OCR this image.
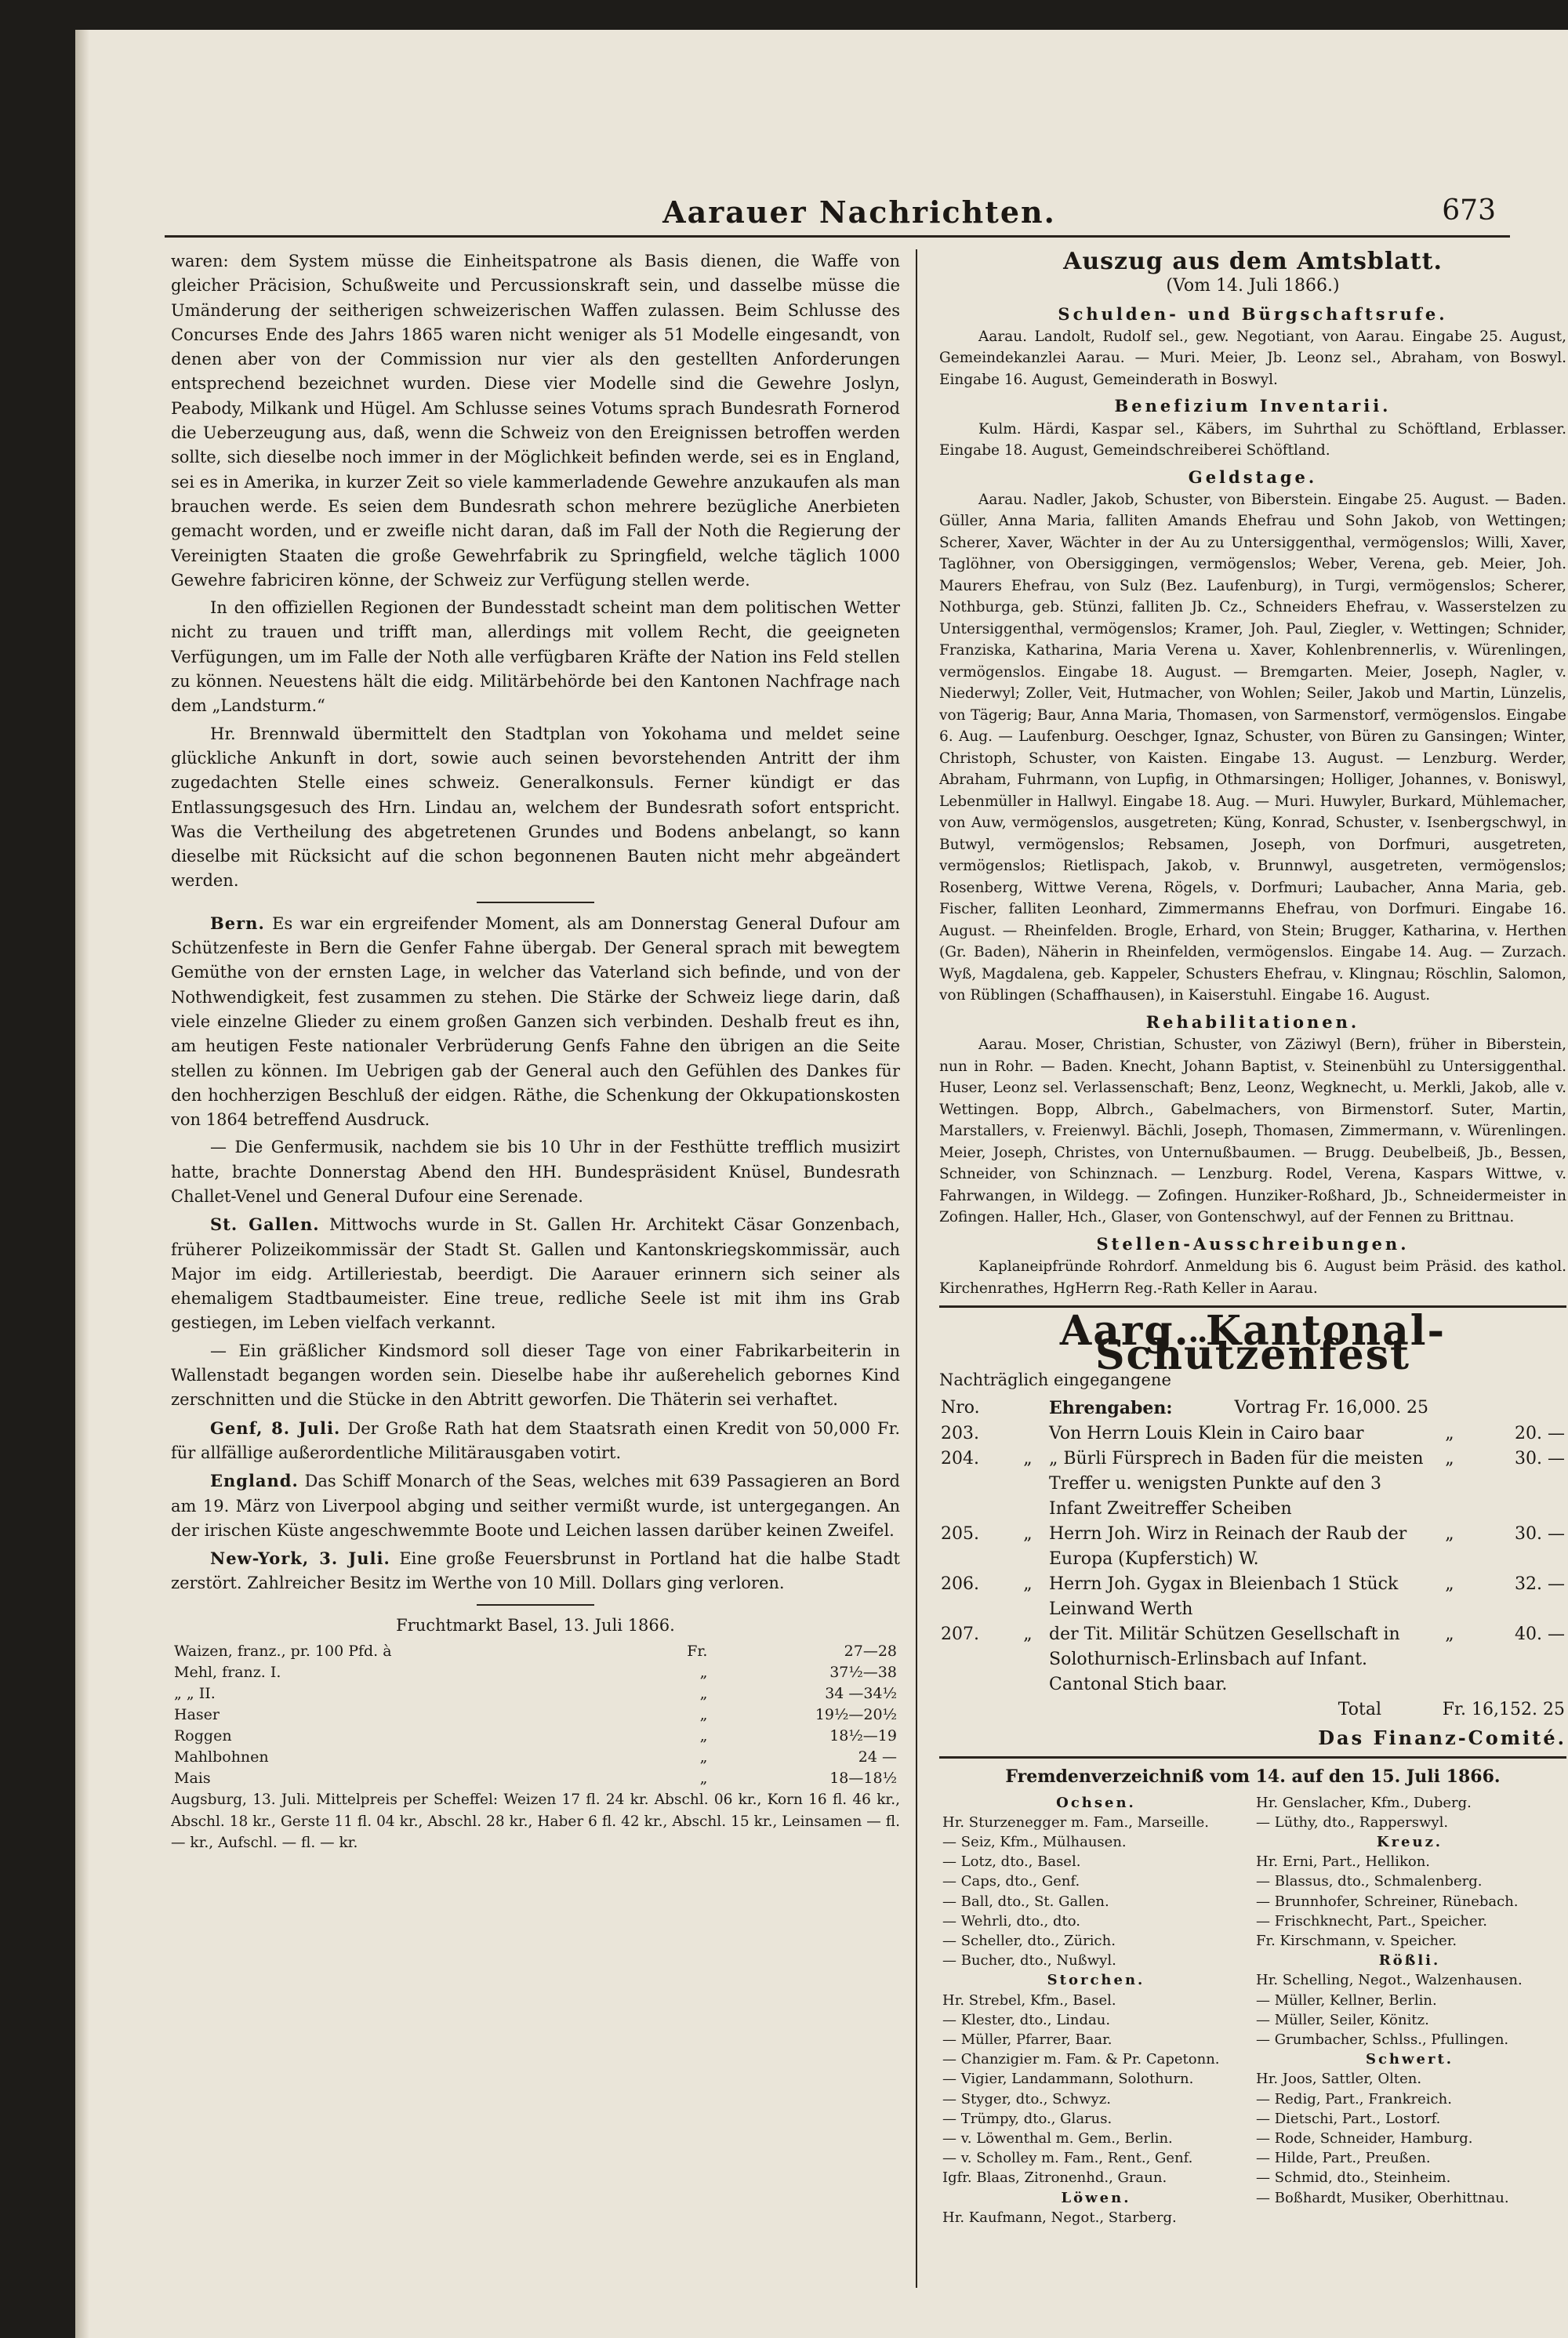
Aarauer Nachrichten.	673

waren: dem System müsse die Einheitspatrone als Basis dienen, die Waffe von gleicher Präcision, Schußweite und Percussionskraft sein, und dasselbe müsse die Umänderung der seitherigen schweizerischen Waffen zulassen. Beim Schlusse des Concurses Ende des Jahrs 1865 waren nicht weniger als 51 Modelle eingesandt, von denen aber von der Commission nur vier als den gestellten Anforderungen entsprechend bezeichnet wurden. Diese vier Modelle sind die Gewehre Joslyn, Peabody, Milkank und Hügel. Am Schlusse seines Votums sprach Bundesrath Fornerod die Ueberzeugung aus, daß, wenn die Schweiz von den Ereignissen betroffen werden sollte, sich dieselbe noch immer in der Möglichkeit befinden werde, sei es in England, sei es in Amerika, in kurzer Zeit so viele kammerladende Gewehre anzukaufen als man brauchen werde. Es seien dem Bundesrath schon mehrere bezügliche Anerbieten gemacht worden, und er zweifle nicht daran, daß im Fall der Noth die Regierung der Vereinigten Staaten die große Gewehrfabrik zu Springfield, welche täglich 1000 Gewehre fabriciren könne, der Schweiz zur Verfügung stellen werde.

In den offiziellen Regionen der Bundesstadt scheint man dem politischen Wetter nicht zu trauen und trifft man, allerdings mit vollem Recht, die geeigneten Verfügungen, um im Falle der Noth alle verfügbaren Kräfte der Nation ins Feld stellen zu können. Neuestens hält die eidg. Militärbehörde bei den Kantonen Nachfrage nach dem „Landsturm.“

Hr. Brennwald übermittelt den Stadtplan von Yokohama und meldet seine glückliche Ankunft in dort, sowie auch seinen bevorstehenden Antritt der ihm zugedachten Stelle eines schweiz. Generalkonsuls. Ferner kündigt er das Entlassungsgesuch des Hrn. Lindau an, welchem der Bundesrath sofort entspricht. Was die Vertheilung des abgetretenen Grundes und Bodens anbelangt, so kann dieselbe mit Rücksicht auf die schon begonnenen Bauten nicht mehr abgeändert werden.

Bern. Es war ein ergreifender Moment, als am Donnerstag General Dufour am Schützenfeste in Bern die Genfer Fahne übergab. Der General sprach mit bewegtem Gemüthe von der ernsten Lage, in welcher das Vaterland sich befinde, und von der Nothwendigkeit, fest zusammen zu stehen. Die Stärke der Schweiz liege darin, daß viele einzelne Glieder zu einem großen Ganzen sich verbinden. Deshalb freut es ihn, am heutigen Feste nationaler Verbrüderung Genfs Fahne den übrigen an die Seite stellen zu können. Im Uebrigen gab der General auch den Gefühlen des Dankes für den hochherzigen Beschluß der eidgen. Räthe, die Schenkung der Okkupationskosten von 1864 betreffend Ausdruck.

— Die Genfermusik, nachdem sie bis 10 Uhr in der Festhütte trefflich musizirt hatte, brachte Donnerstag Abend den HH. Bundespräsident Knüsel, Bundesrath Challet-Venel und General Dufour eine Serenade.

St. Gallen. Mittwochs wurde in St. Gallen Hr. Architekt Cäsar Gonzenbach, früherer Polizeikommissär der Stadt St. Gallen und Kantonskriegskommissär, auch Major im eidg. Artilleriestab, beerdigt. Die Aarauer erinnern sich seiner als ehemaligem Stadtbaumeister. Eine treue, redliche Seele ist mit ihm ins Grab gestiegen, im Leben vielfach verkannt.

— Ein gräßlicher Kindsmord soll dieser Tage von einer Fabrikarbeiterin in Wallenstadt begangen worden sein. Dieselbe habe ihr außerehelich gebornes Kind zerschnitten und die Stücke in den Abtritt geworfen. Die Thäterin sei verhaftet.

Genf, 8. Juli. Der Große Rath hat dem Staatsrath einen Kredit von 50,000 Fr. für allfällige außerordentliche Militärausgaben votirt.

England. Das Schiff Monarch of the Seas, welches mit 639 Passagieren an Bord am 19. März von Liverpool abging und seither vermißt wurde, ist untergegangen. An der irischen Küste angeschwemmte Boote und Leichen lassen darüber keinen Zweifel.

New-York, 3. Juli. Eine große Feuersbrunst in Portland hat die halbe Stadt zerstört. Zahlreicher Besitz im Werthe von 10 Mill. Dollars ging verloren.

Fruchtmarkt Basel, 13. Juli 1866.

Waizen, franz., pr. 100 Pfd. à	Fr.	27—28
Mehl, franz. I.	„	37½—38
„ „ II.	„	34 —34½
Haser	„	19½—20½
Roggen	„	18½—19
Mahlbohnen	„	24 —
Mais	„	18—18½

Augsburg, 13. Juli. Mittelpreis per Scheffel: Weizen 17 fl. 24 kr. Abschl. 06 kr., Korn 16 fl. 46 kr., Abschl. 18 kr., Gerste 11 fl. 04 kr., Abschl. 28 kr., Haber 6 fl. 42 kr., Abschl. 15 kr., Leinsamen — fl. — kr., Aufschl. — fl. — kr.

Auszug aus dem Amtsblatt.

(Vom 14. Juli 1866.)

Schulden- und Bürgschaftsrufe.

Aarau. Landolt, Rudolf sel., gew. Negotiant, von Aarau. Eingabe 25. August, Gemeindekanzlei Aarau. — Muri. Meier, Jb. Leonz sel., Abraham, von Boswyl. Eingabe 16. August, Gemeinderath in Boswyl.

Benefizium Inventarii.

Kulm. Härdi, Kaspar sel., Käbers, im Suhrthal zu Schöftland, Erblasser. Eingabe 18. August, Gemeindschreiberei Schöftland.

Geldstage.

Aarau. Nadler, Jakob, Schuster, von Biberstein. Eingabe 25. August. — Baden. Güller, Anna Maria, falliten Amands Ehefrau und Sohn Jakob, von Wettingen; Scherer, Xaver, Wächter in der Au zu Untersiggenthal, vermögenslos; Willi, Xaver, Taglöhner, von Obersiggingen, vermögenslos; Weber, Verena, geb. Meier, Joh. Maurers Ehefrau, von Sulz (Bez. Laufenburg), in Turgi, vermögenslos; Scherer, Nothburga, geb. Stünzi, falliten Jb. Cz., Schneiders Ehefrau, v. Wasserstelzen zu Untersiggenthal, vermögenslos; Kramer, Joh. Paul, Ziegler, v. Wettingen; Schnider, Franziska, Katharina, Maria Verena u. Xaver, Kohlenbrennerlis, v. Würenlingen, vermögenslos. Eingabe 18. August. — Bremgarten. Meier, Joseph, Nagler, v. Niederwyl; Zoller, Veit, Hutmacher, von Wohlen; Seiler, Jakob und Martin, Lünzelis, von Tägerig; Baur, Anna Maria, Thomasen, von Sarmenstorf, vermögenslos. Eingabe 6. Aug. — Laufenburg. Oeschger, Ignaz, Schuster, von Büren zu Gansingen; Winter, Christoph, Schuster, von Kaisten. Eingabe 13. August. — Lenzburg. Werder, Abraham, Fuhrmann, von Lupfig, in Othmarsingen; Holliger, Johannes, v. Boniswyl, Lebenmüller in Hallwyl. Eingabe 18. Aug. — Muri. Huwyler, Burkard, Mühlemacher, von Auw, vermögenslos, ausgetreten; Küng, Konrad, Schuster, v. Isenbergschwyl, in Butwyl, vermögenslos; Rebsamen, Joseph, von Dorfmuri, ausgetreten, vermögenslos; Rietlispach, Jakob, v. Brunnwyl, ausgetreten, vermögenslos; Rosenberg, Wittwe Verena, Rögels, v. Dorfmuri; Laubacher, Anna Maria, geb. Fischer, falliten Leonhard, Zimmermanns Ehefrau, von Dorfmuri. Eingabe 16. August. — Rheinfelden. Brogle, Erhard, von Stein; Brugger, Katharina, v. Herthen (Gr. Baden), Näherin in Rheinfelden, vermögenslos. Eingabe 14. Aug. — Zurzach. Wyß, Magdalena, geb. Kappeler, Schusters Ehefrau, v. Klingnau; Röschlin, Salomon, von Rüblingen (Schaffhausen), in Kaiserstuhl. Eingabe 16. August.

Rehabilitationen.

Aarau. Moser, Christian, Schuster, von Zäziwyl (Bern), früher in Biberstein, nun in Rohr. — Baden. Knecht, Johann Baptist, v. Steinenbühl zu Untersiggenthal. Huser, Leonz sel. Verlassenschaft; Benz, Leonz, Wegknecht, u. Merkli, Jakob, alle v. Wettingen. Bopp, Albrch., Gabelmachers, von Birmenstorf. Suter, Martin, Marstallers, v. Freienwyl. Bächli, Joseph, Thomasen, Zimmermann, v. Würenlingen. Meier, Joseph, Christes, von Unternußbaumen. — Brugg. Deubelbeiß, Jb., Bessen, Schneider, von Schinznach. — Lenzburg. Rodel, Verena, Kaspars Wittwe, v. Fahrwangen, in Wildegg. — Zofingen. Hunziker-Roßhard, Jb., Schneidermeister in Zofingen. Haller, Hch., Glaser, von Gontenschwyl, auf der Fennen zu Brittnau.

Stellen-Ausschreibungen.

Kaplaneipfründe Rohrdorf. Anmeldung bis 6. August beim Präsid. des kathol. Kirchenrathes, HgHerrn Reg.-Rath Keller in Aarau.

Aarg. Kantonal-Schützenfest

Nachträglich eingegangene

Nro.		Ehrengaben: Vortrag Fr. 16,000. 25		

203.		Von Herrn Louis Klein in Cairo baar	„	20. —
204.	„	„ Bürli Fürsprech in Baden für die meisten Treffer u. wenigsten Punkte auf den 3 Infant Zweitreffer Scheiben	„	30. —
205.	„	Herrn Joh. Wirz in Reinach der Raub der Europa (Kupferstich) W.	„	30. —
206.	„	Herrn Joh. Gygax in Bleienbach 1 Stück Leinwand Werth	„	32. —
207.	„	der Tit. Militär Schützen Gesellschaft in Solothurnisch-Erlinsbach auf Infant. Cantonal Stich baar.	„	40. —
Total	Fr. 16,152. 25

Das Finanz-Comité.

Fremdenverzeichniß vom 14. auf den 15. Juli 1866.

Ochsen.
Hr. Sturzenegger m. Fam., Marseille.
— Seiz, Kfm., Mülhausen.
— Lotz, dto., Basel.
— Caps, dto., Genf.
— Ball, dto., St. Gallen.
— Wehrli, dto., dto.
— Scheller, dto., Zürich.
— Bucher, dto., Nußwyl.
Storchen.
Hr. Strebel, Kfm., Basel.
— Klester, dto., Lindau.
— Müller, Pfarrer, Baar.
— Chanzigier m. Fam. & Pr. Capetonn.
— Vigier, Landammann, Solothurn.
— Styger, dto., Schwyz.
— Trümpy, dto., Glarus.
— v. Löwenthal m. Gem., Berlin.
— v. Scholley m. Fam., Rent., Genf.
Igfr. Blaas, Zitronenhd., Graun.
Löwen.
Hr. Kaufmann, Negot., Starberg.

Hr. Genslacher, Kfm., Duberg.
— Lüthy, dto., Rapperswyl.
Kreuz.
Hr. Erni, Part., Hellikon.
— Blassus, dto., Schmalenberg.
— Brunnhofer, Schreiner, Rünebach.
— Frischknecht, Part., Speicher.
Fr. Kirschmann, v. Speicher.
Rößli.
Hr. Schelling, Negot., Walzenhausen.
— Müller, Kellner, Berlin.
— Müller, Seiler, Könitz.
— Grumbacher, Schlss., Pfullingen.
Schwert.
Hr. Joos, Sattler, Olten.
— Redig, Part., Frankreich.
— Dietschi, Part., Lostorf.
— Rode, Schneider, Hamburg.
— Hilde, Part., Preußen.
— Schmid, dto., Steinheim.
— Boßhardt, Musiker, Oberhittnau.
